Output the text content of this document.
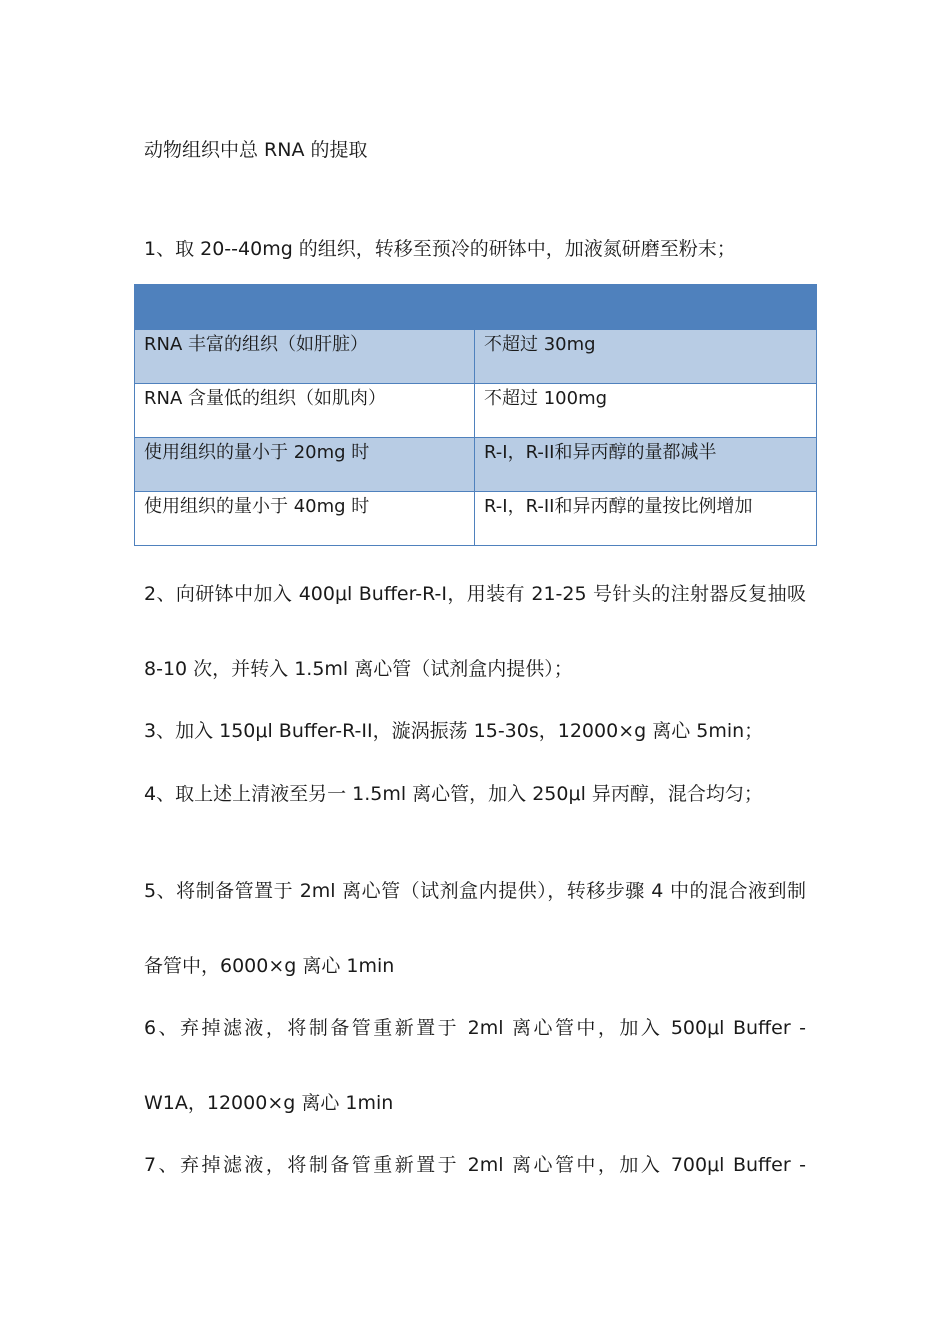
动物组织中总 RNA 的提取
1、取 20--40mg 的组织，转移至预冷的研钵中，加液氮研磨至粉末；

RNA 丰富的组织（如肝脏）	不超过 30mg
RNA 含量低的组织（如肌肉）	不超过 100mg
使用组织的量小于 20mg 时	R-I，R-II和异丙醇的量都减半
使用组织的量小于 40mg 时	R-I，R-II和异丙醇的量按比例增加
2、向研钵中加入 400μl Buffer-R-I，用装有 21-25 号针头的注射器反复抽吸
8-10 次，并转入 1.5ml 离心管（试剂盒内提供）；
3、加入 150μl Buffer-R-II，漩涡振荡 15-30s，12000×g 离心 5min；
4、取上述上清液至另一 1.5ml 离心管，加入 250μl 异丙醇，混合均匀；
5、将制备管置于 2ml 离心管（试剂盒内提供），转移步骤 4 中的混合液到制
备管中，6000×g 离心 1min
6、弃掉滤液，将制备管重新置于 2ml 离心管中，加入 500μl Buffer -
W1A，12000×g 离心 1min
7、弃掉滤液，将制备管重新置于 2ml 离心管中，加入 700μl Buffer -
